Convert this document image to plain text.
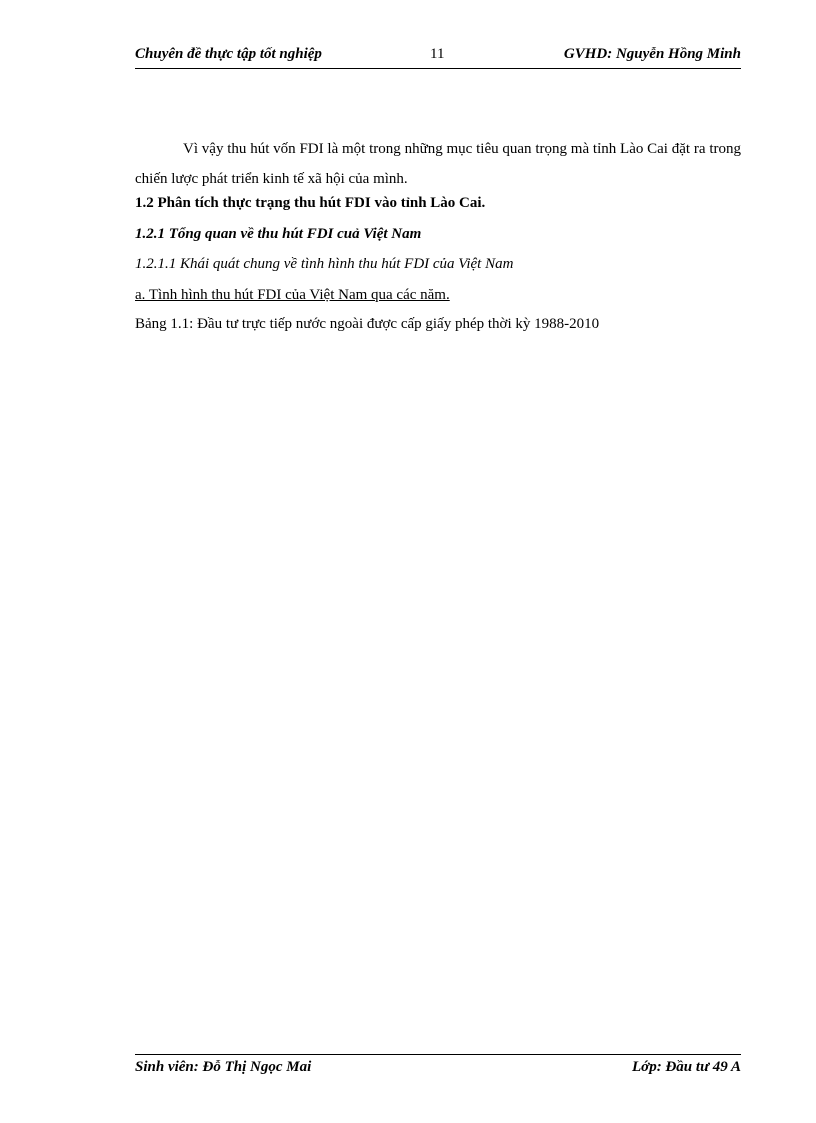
Chuyên đề thực tập tốt nghiệp	11	GVHD: Nguyễn Hồng Minh
Vì vậy thu hút vốn FDI là một trong những mục tiêu quan trọng mà tỉnh Lào Cai đặt ra trong chiến lược phát triển kinh tế xã hội của mình.
1.2 Phân tích thực trạng thu hút FDI vào tỉnh Lào Cai.
1.2.1 Tổng quan về thu hút FDI cuả Việt Nam
1.2.1.1 Khái quát chung về tình hình thu hút FDI của Việt Nam
a. Tình hình thu hút FDI của Việt Nam qua các năm.
Bảng 1.1: Đầu tư trực tiếp nước ngoài được cấp giấy phép thời kỳ 1988-2010
Sinh viên: Đỗ Thị Ngọc Mai	Lớp: Đầu tư 49 A
